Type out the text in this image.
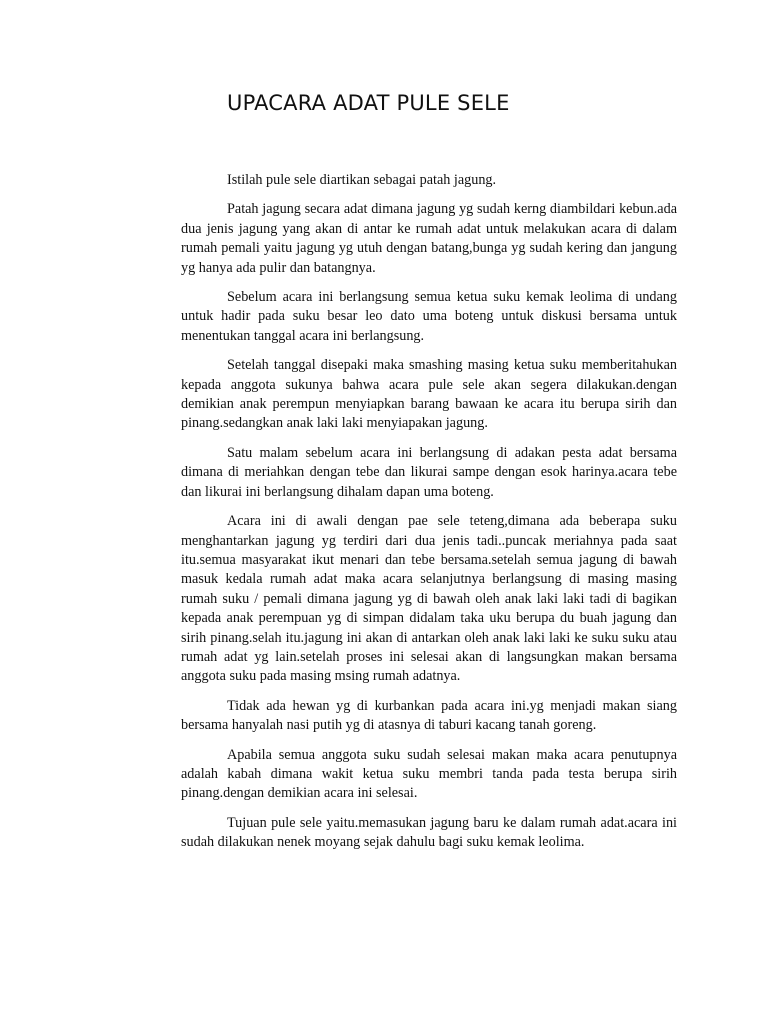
UPACARA ADAT PULE SELE

Istilah pule sele diartikan sebagai patah jagung.

Patah jagung secara adat dimana jagung yg sudah kerng diambildari kebun.ada dua jenis jagung yang akan di antar ke rumah adat untuk melakukan acara di dalam rumah pemali yaitu jagung yg utuh dengan batang,bunga yg sudah kering dan jangung yg hanya ada pulir dan batangnya.

Sebelum acara ini berlangsung semua ketua suku kemak leolima di undang untuk hadir pada suku besar leo dato uma boteng untuk diskusi bersama untuk menentukan tanggal acara ini berlangsung.

Setelah tanggal disepaki maka smashing masing ketua suku memberitahukan kepada anggota sukunya bahwa acara pule sele akan segera dilakukan.dengan demikian anak perempun menyiapkan barang bawaan ke acara itu berupa sirih dan pinang.sedangkan anak laki laki menyiapakan jagung.

Satu malam sebelum acara ini berlangsung di adakan pesta adat bersama dimana di meriahkan dengan tebe dan likurai sampe dengan esok harinya.acara tebe dan likurai ini berlangsung dihalam dapan uma boteng.

Acara ini di awali dengan pae sele teteng,dimana ada beberapa suku menghantarkan jagung yg terdiri dari dua jenis tadi..puncak meriahnya pada saat itu.semua masyarakat ikut menari dan tebe bersama.setelah semua jagung di bawah masuk kedala rumah adat maka acara selanjutnya berlangsung di masing masing rumah suku / pemali dimana jagung yg di bawah oleh anak laki laki tadi di bagikan kepada anak perempuan yg di simpan didalam taka uku berupa du buah jagung dan sirih pinang.selah itu.jagung ini akan di antarkan oleh anak laki laki ke suku suku atau rumah adat yg lain.setelah proses ini selesai akan di langsungkan makan bersama anggota suku pada masing msing rumah adatnya.

Tidak ada hewan yg di kurbankan pada acara ini.yg menjadi makan siang bersama hanyalah nasi putih yg di atasnya di taburi kacang tanah goreng.

Apabila semua anggota suku sudah selesai makan maka acara penutupnya adalah kabah dimana wakit ketua suku membri tanda pada testa berupa sirih pinang.dengan demikian acara ini selesai.

Tujuan pule sele yaitu.memasukan jagung baru ke dalam rumah adat.acara ini sudah dilakukan nenek moyang sejak dahulu bagi suku kemak leolima.
